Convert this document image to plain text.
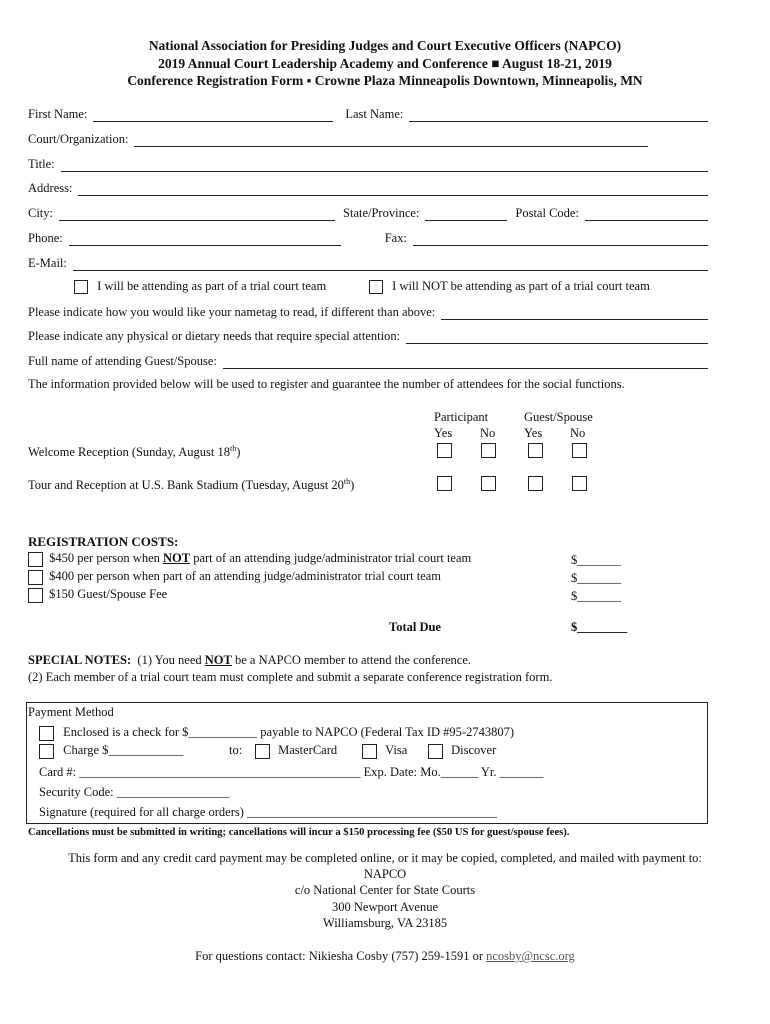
National Association for Presiding Judges and Court Executive Officers (NAPCO)
2019 Annual Court Leadership Academy and Conference ■ August 18-21, 2019
Conference Registration Form ▪ Crowne Plaza Minneapolis Downtown, Minneapolis, MN
First Name:	Last Name:
Court/Organization:
Title:
Address:
City:	State/Province:	Postal Code:
Phone:	Fax:
E-Mail:
I will be attending as part of a trial court team	I will NOT be attending as part of a trial court team
Please indicate how you would like your nametag to read, if different than above:
Please indicate any physical or dietary needs that require special attention:
Full name of attending Guest/Spouse:
The information provided below will be used to register and guarantee the number of attendees for the social functions.
Participant	Guest/Spouse
Yes No Yes No
Welcome Reception (Sunday, August 18th)
Tour and Reception at U.S. Bank Stadium (Tuesday, August 20th)
REGISTRATION COSTS:
$450 per person when NOT part of an attending judge/administrator trial court team	$_______
$400 per person when part of an attending judge/administrator trial court team	$_______
$150 Guest/Spouse Fee	$_______
Total Due	$________
SPECIAL NOTES:  (1) You need NOT be a NAPCO member to attend the conference.
(2) Each member of a trial court team must complete and submit a separate conference registration form.
Payment Method
Enclosed is a check for $___________ payable to NAPCO (Federal Tax ID #95-2743807)
Charge $____________	to:	MasterCard	Visa	Discover
Card #: _____________________________________________ Exp. Date: Mo.______ Yr. _______
Security Code: __________________
Signature (required for all charge orders) ________________________________________
Cancellations must be submitted in writing; cancellations will incur a $150 processing fee ($50 US for guest/spouse fees).
This form and any credit card payment may be completed online, or it may be copied, completed, and mailed with payment to:
NAPCO
c/o National Center for State Courts
300 Newport Avenue
Williamsburg, VA 23185
For questions contact: Nikiesha Cosby (757) 259-1591 or ncosby@ncsc.org
